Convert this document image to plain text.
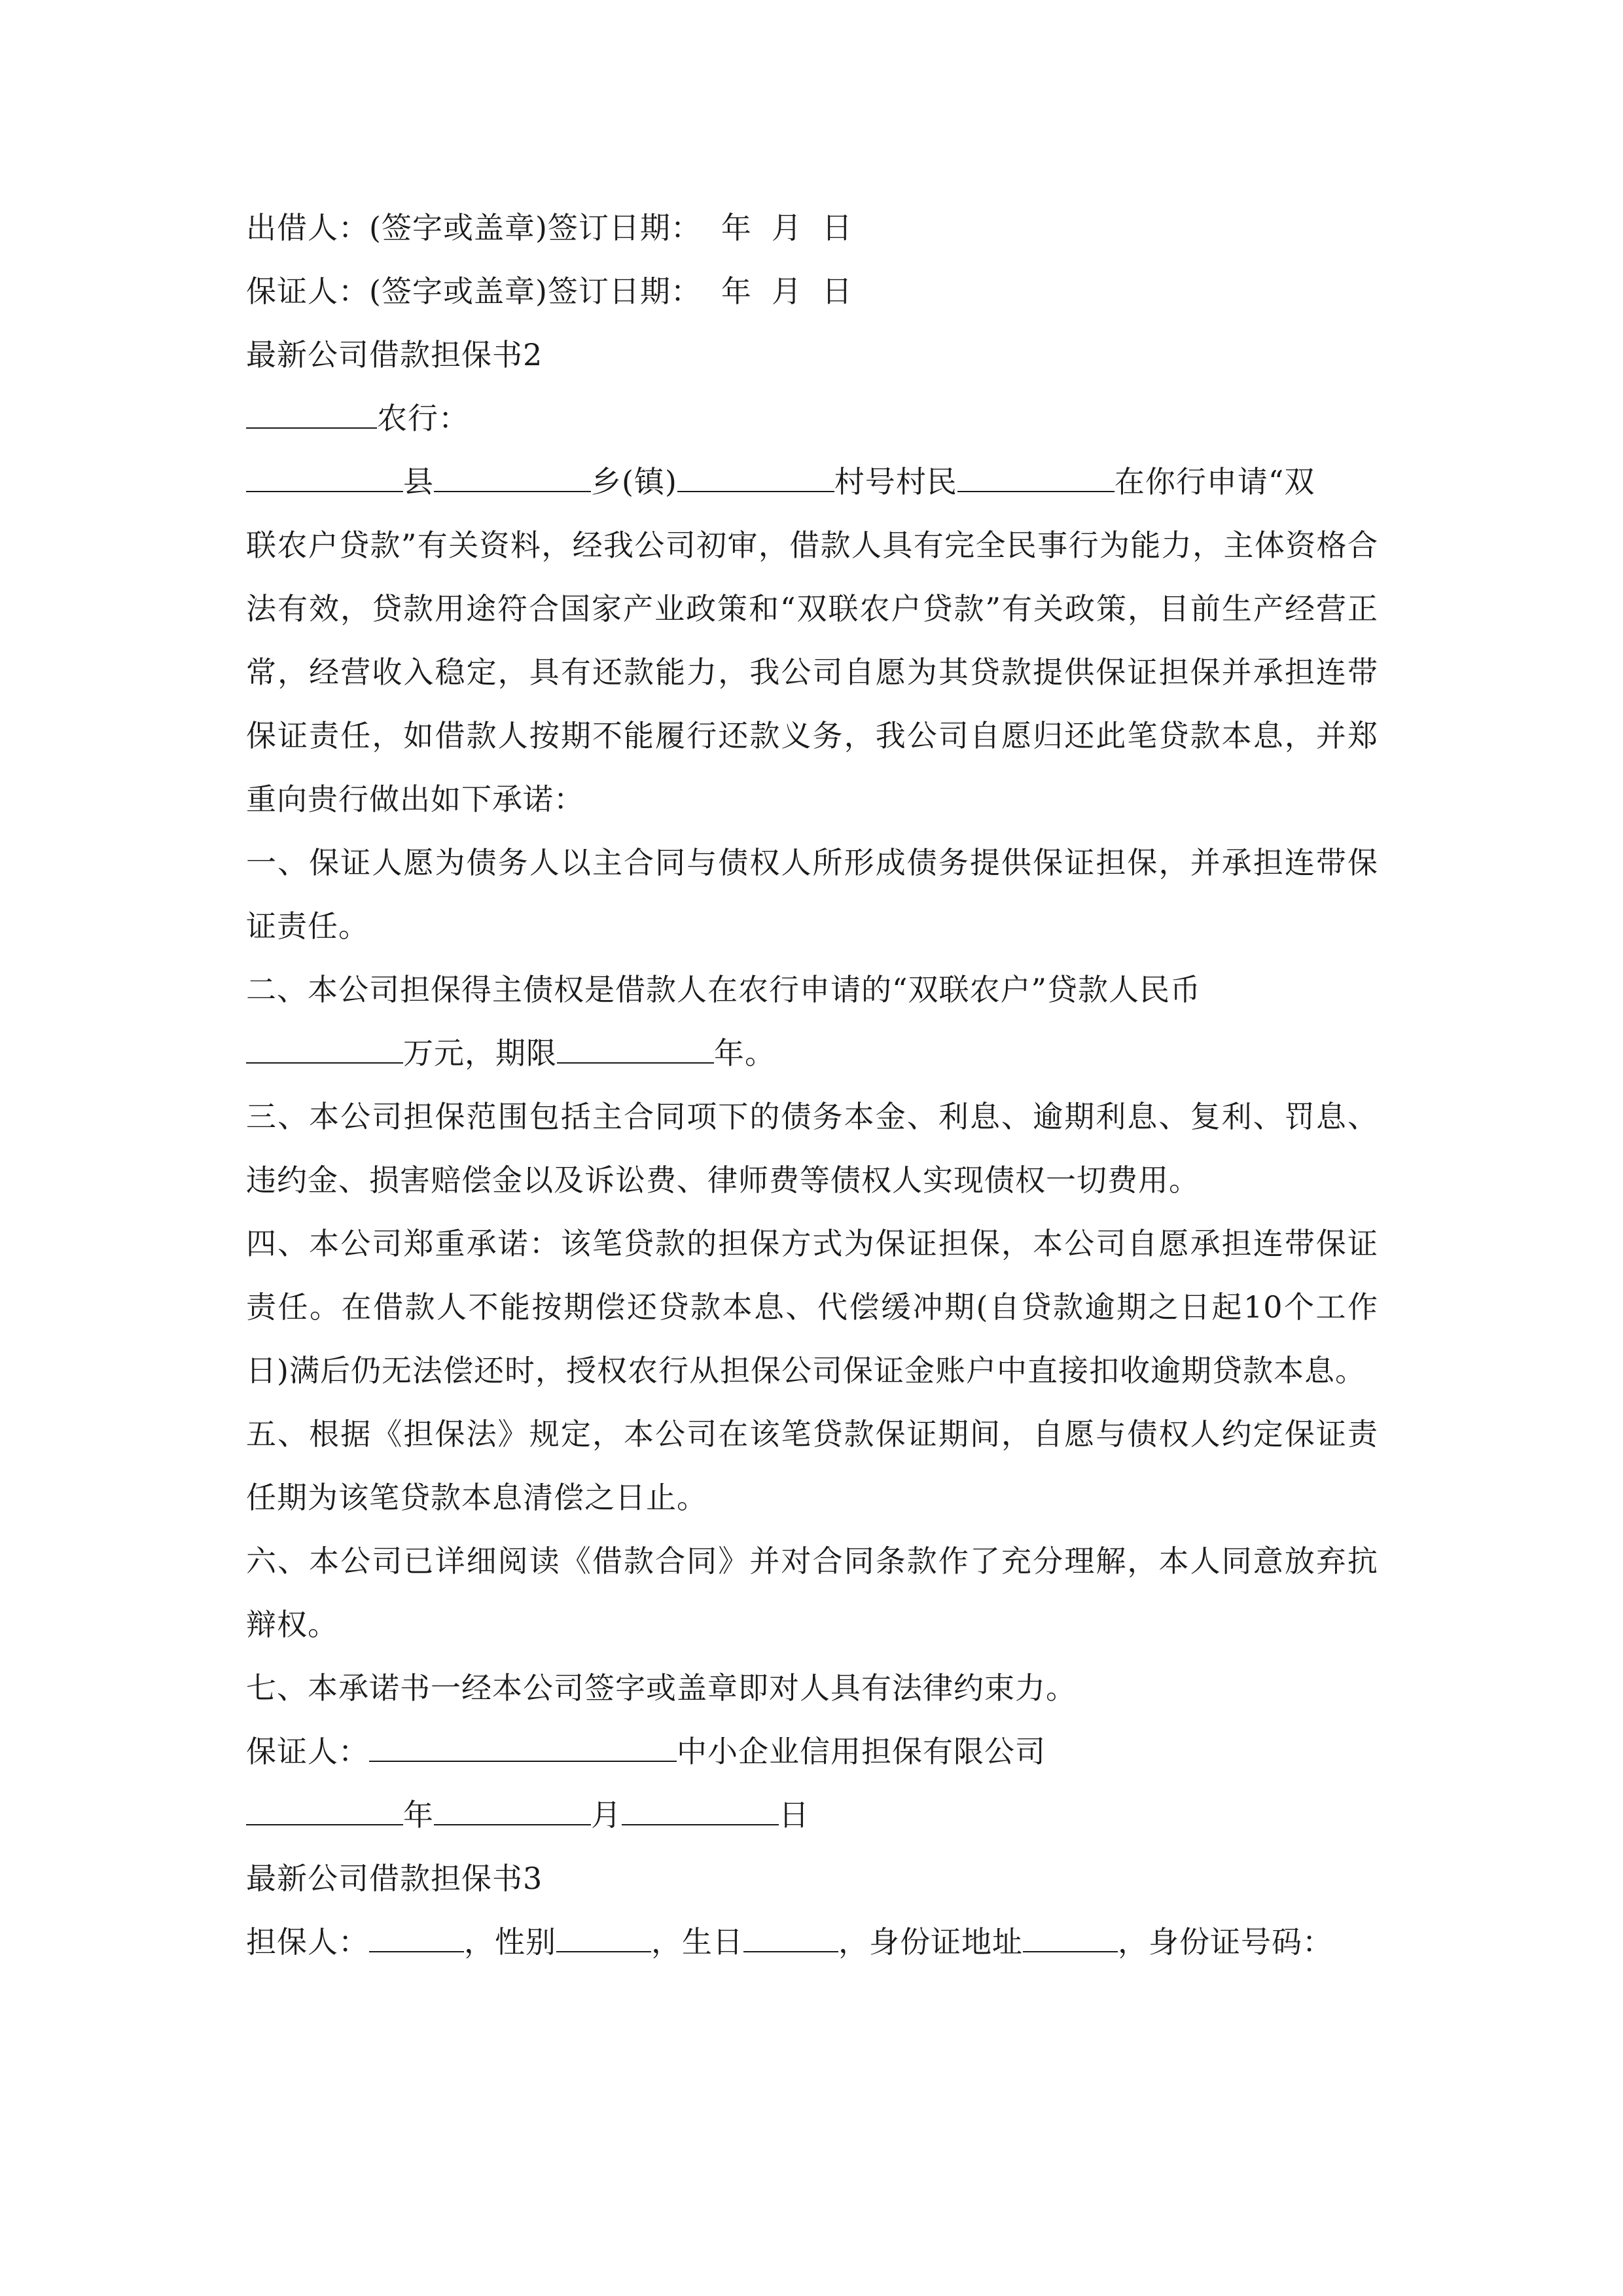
出借人：(签字或盖章)签订日期： 年 月 日
保证人：(签字或盖章)签订日期： 年 月 日
最新公司借款担保书2
农行：
县	乡(镇)	村号村民	在你行申请“双
联农户贷款”有关资料，经我公司初审，借款人具有完全民事行为能力，主体资格合法有效，贷款用途符合国家产业政策和“双联农户贷款”有关政策，目前生产经营正常，经营收入稳定，具有还款能力，我公司自愿为其贷款提供保证担保并承担连带保证责任，如借款人按期不能履行还款义务，我公司自愿归还此笔贷款本息，并郑重向贵行做出如下承诺：
一、保证人愿为债务人以主合同与债权人所形成债务提供保证担保，并承担连带保证责任。
二、本公司担保得主债权是借款人在农行申请的“双联农户”贷款人民币
万元，期限	年。
三、本公司担保范围包括主合同项下的债务本金、利息、逾期利息、复利、罚息、违约金、损害赔偿金以及诉讼费、律师费等债权人实现债权一切费用。
四、本公司郑重承诺：该笔贷款的担保方式为保证担保，本公司自愿承担连带保证责任。在借款人不能按期偿还贷款本息、代偿缓冲期(自贷款逾期之日起10个工作日)满后仍无法偿还时，授权农行从担保公司保证金账户中直接扣收逾期贷款本息。
五、根据《担保法》规定，本公司在该笔贷款保证期间，自愿与债权人约定保证责任期为该笔贷款本息清偿之日止。
六、本公司已详细阅读《借款合同》并对合同条款作了充分理解，本人同意放弃抗辩权。
七、本承诺书一经本公司签字或盖章即对人具有法律约束力。
保证人：	中小企业信用担保有限公司
年	月	日
最新公司借款担保书3
担保人：	，性别	，生日	，身份证地址	，身份证号码：
